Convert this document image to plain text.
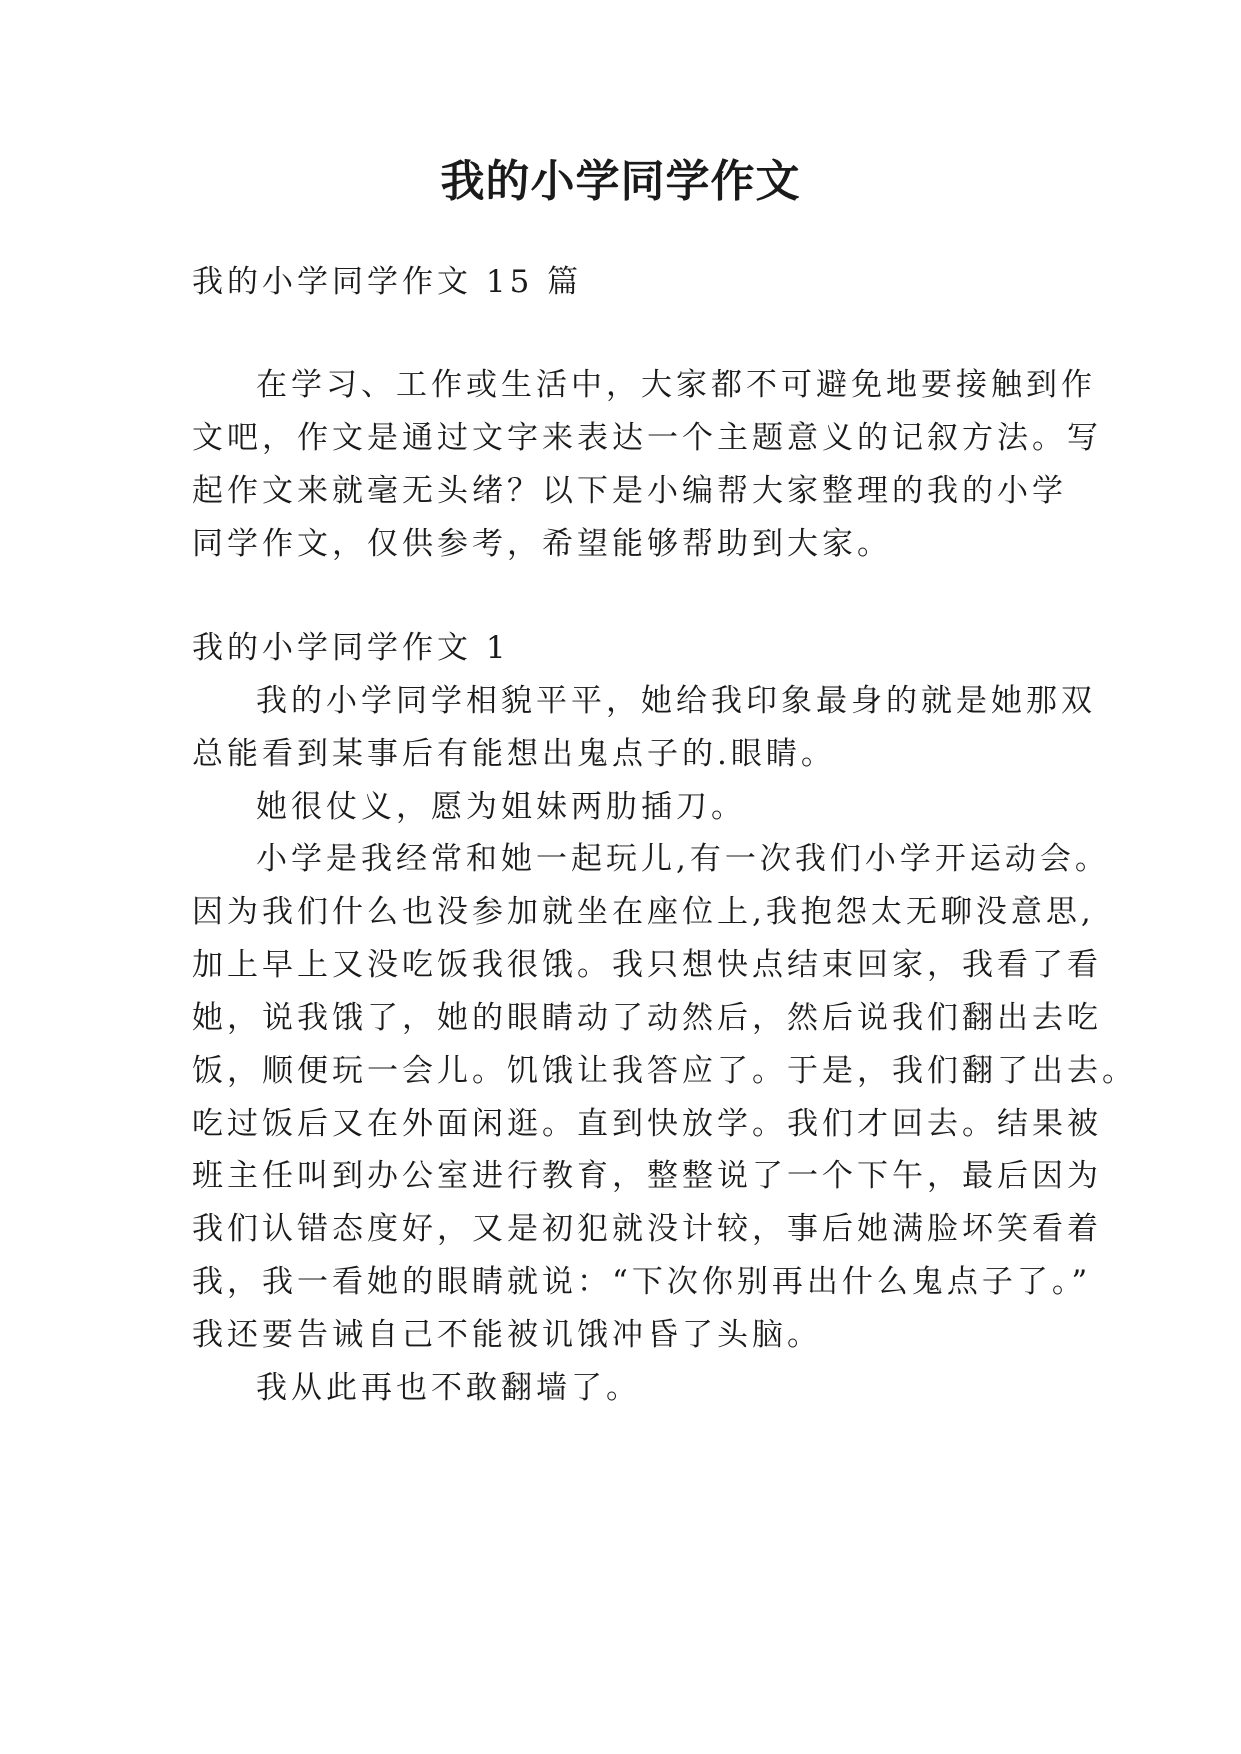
我的小学同学作文
我的小学同学作文 15 篇
在学习、工作或生活中，大家都不可避免地要接触到作
文吧，作文是通过文字来表达一个主题意义的记叙方法。写
起作文来就毫无头绪？以下是小编帮大家整理的我的小学
同学作文，仅供参考，希望能够帮助到大家。
我的小学同学作文 1
我的小学同学相貌平平，她给我印象最身的就是她那双
总能看到某事后有能想出鬼点子的.眼睛。
她很仗义，愿为姐妹两肋插刀。
小学是我经常和她一起玩儿,有一次我们小学开运动会。
因为我们什么也没参加就坐在座位上,我抱怨太无聊没意思,
加上早上又没吃饭我很饿。我只想快点结束回家，我看了看
她，说我饿了，她的眼睛动了动然后，然后说我们翻出去吃
饭，顺便玩一会儿。饥饿让我答应了。于是，我们翻了出去。
吃过饭后又在外面闲逛。直到快放学。我们才回去。结果被
班主任叫到办公室进行教育，整整说了一个下午，最后因为
我们认错态度好，又是初犯就没计较，事后她满脸坏笑看着
我，我一看她的眼睛就说：“下次你别再出什么鬼点子了。”
我还要告诫自己不能被讥饿冲昏了头脑。
我从此再也不敢翻墙了。
